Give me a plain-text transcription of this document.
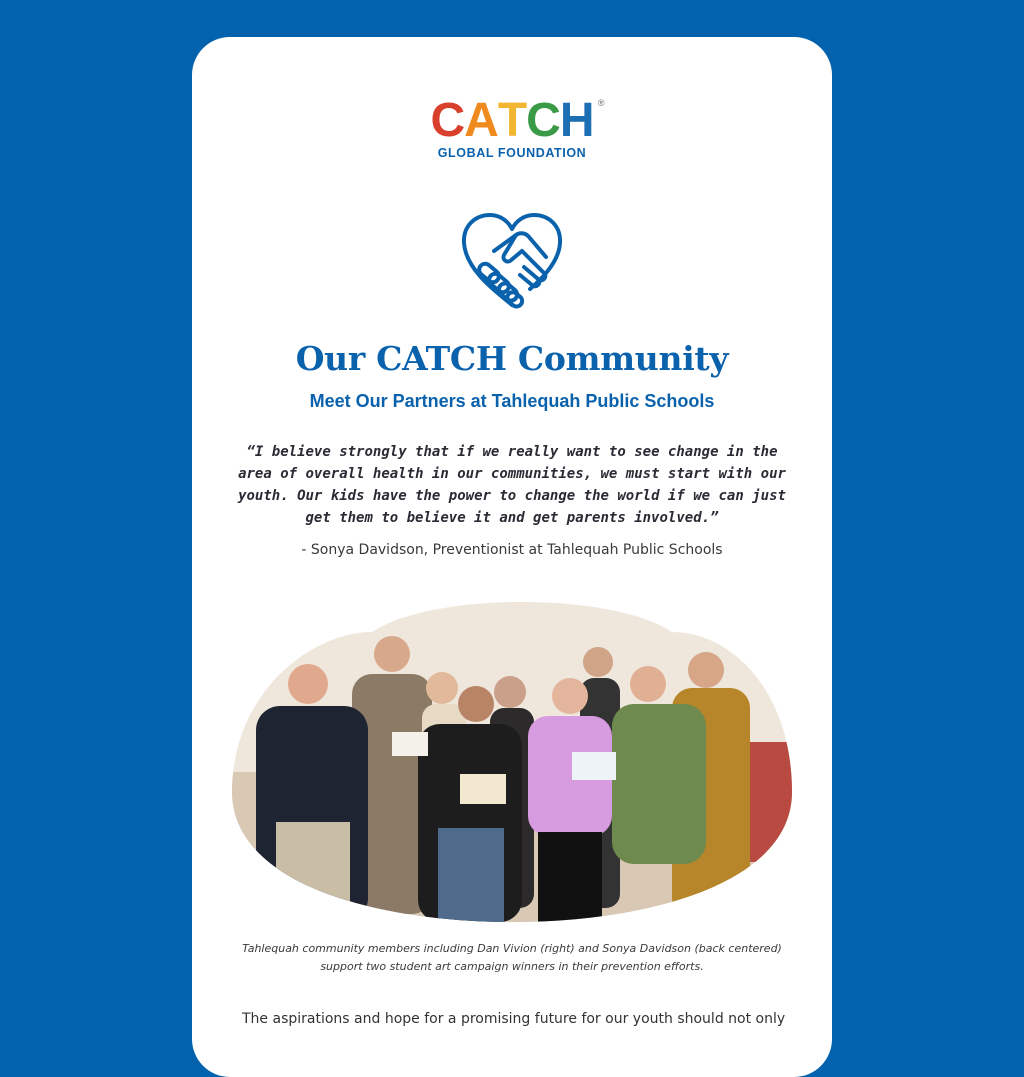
CATCH ®
GLOBAL FOUNDATION
Our CATCH Community
Meet Our Partners at Tahlequah Public Schools
“I believe strongly that if we really want to see change in the area of overall health in our communities, we must start with our youth. Our kids have the power to change the world if we can just get them to believe it and get parents involved.”
- Sonya Davidson, Preventionist at Tahlequah Public Schools
Tahlequah community members including Dan Vivion (right) and Sonya Davidson (back centered)
support two student art campaign winners in their prevention efforts.
The aspirations and hope for a promising future for our youth should not only
